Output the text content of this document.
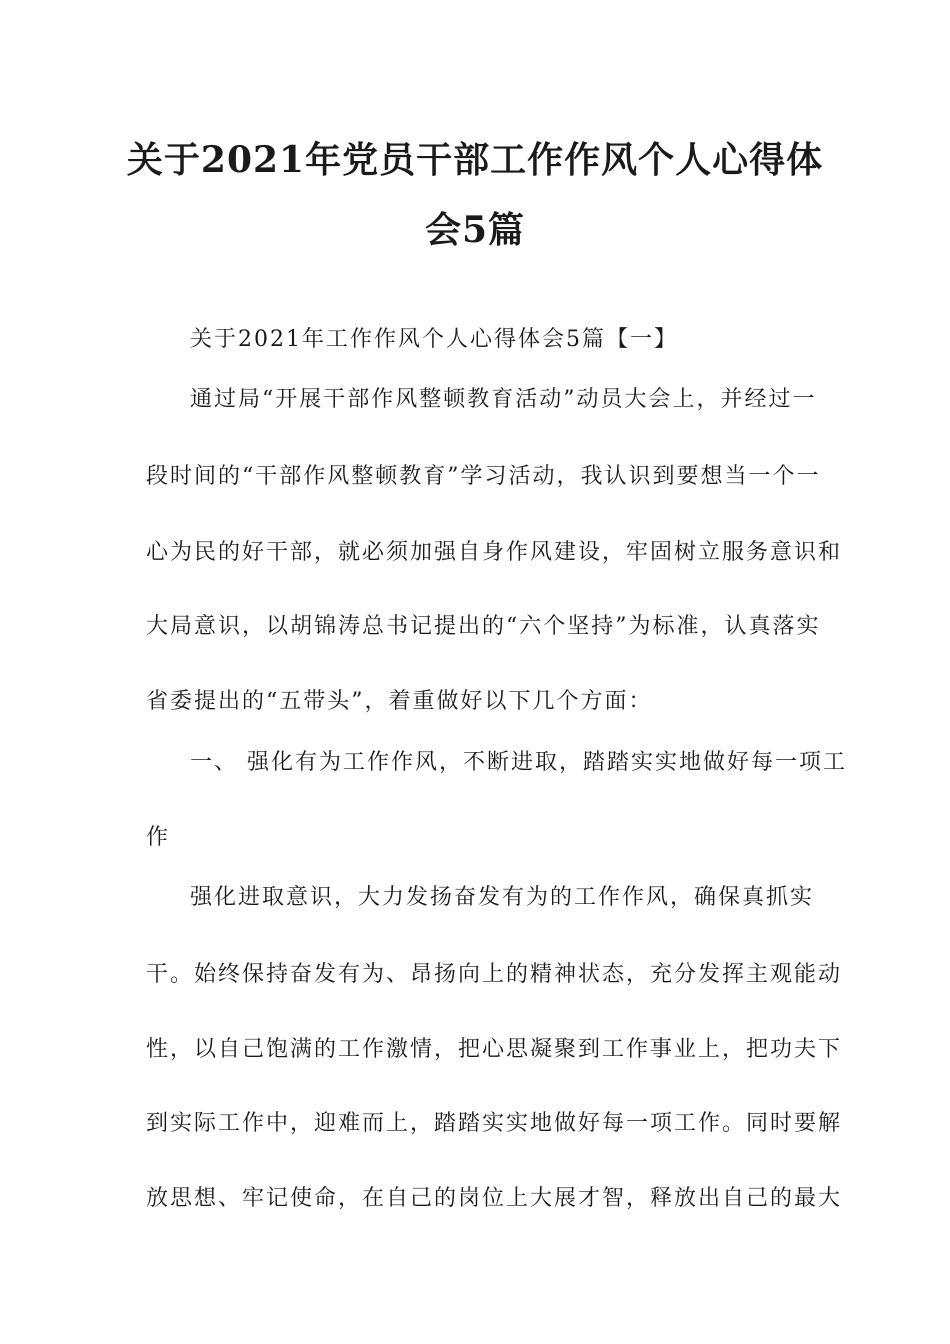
关于2021年党员干部工作作风个人心得体
会5篇
关于2021年工作作风个人心得体会5篇【一】
通过局“开展干部作风整顿教育活动”动员大会上，并经过一
段时间的“干部作风整顿教育”学习活动，我认识到要想当一个一
心为民的好干部，就必须加强自身作风建设，牢固树立服务意识和
大局意识，以胡锦涛总书记提出的“六个坚持”为标准，认真落实
省委提出的“五带头”，着重做好以下几个方面：
一、 强化有为工作作风，不断进取，踏踏实实地做好每一项工
作
强化进取意识，大力发扬奋发有为的工作作风，确保真抓实
干。始终保持奋发有为、昂扬向上的精神状态，充分发挥主观能动
性，以自己饱满的工作激情，把心思凝聚到工作事业上，把功夫下
到实际工作中，迎难而上，踏踏实实地做好每一项工作。同时要解
放思想、牢记使命，在自己的岗位上大展才智，释放出自己的最大
